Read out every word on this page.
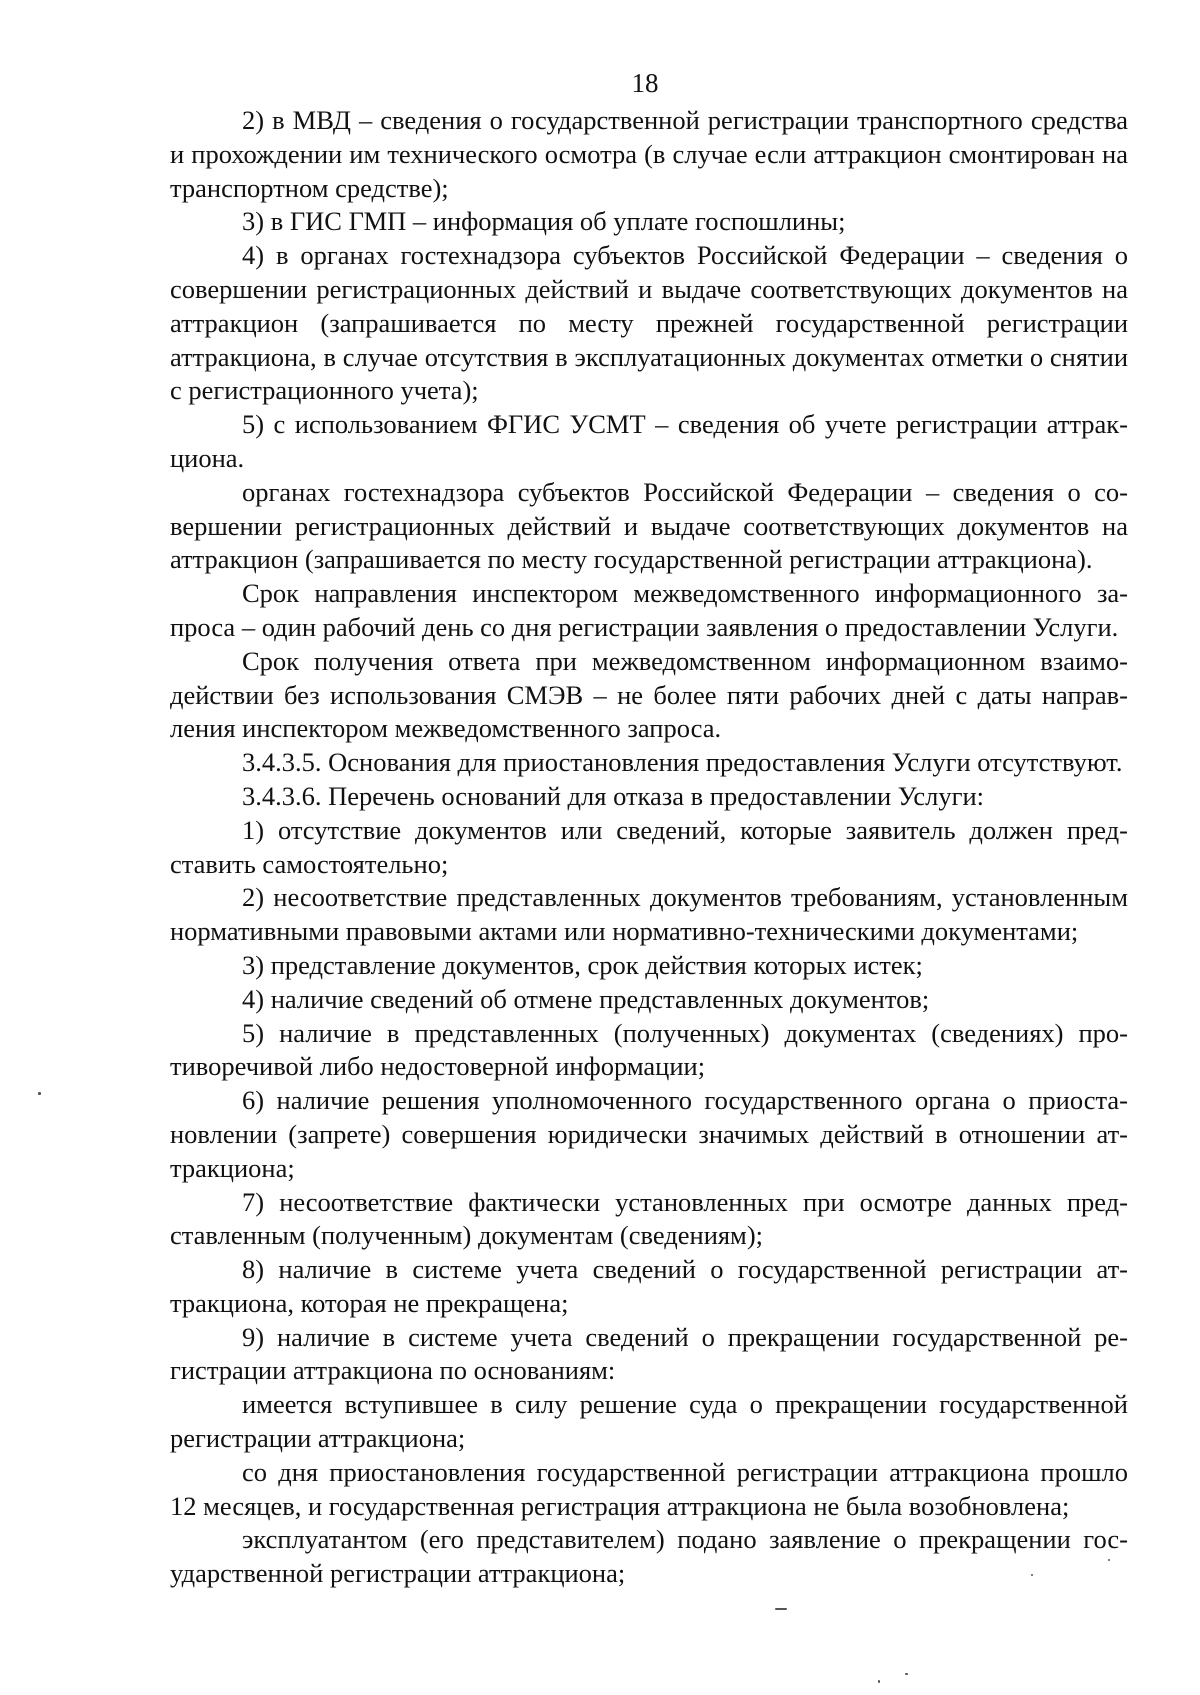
18

2) в МВД – сведения о государственной регистрации транспортного средства и прохождении им технического осмотра (в случае если аттракцион смонтирован на транспортном средстве);

3) в ГИС ГМП – информация об уплате госпошлины;

4) в органах гостехнадзора субъектов Российской Федерации – сведения о совершении регистрационных действий и выдаче соответствующих документов на аттракцион (запрашивается по месту прежней государственной регистрации аттракциона, в случае отсутствия в эксплуатационных документах отметки о снятии с регистрационного учета);

5) с использованием ФГИС УСМТ – сведения об учете регистрации аттракциона.

органах гостехнадзора субъектов Российской Федерации – сведения о совершении регистрационных действий и выдаче соответствующих документов на аттракцион (запрашивается по месту государственной регистрации аттракциона).

Срок направления инспектором межведомственного информационного запроса – один рабочий день со дня регистрации заявления о предоставлении Услуги.

Срок получения ответа при межведомственном информационном взаимодействии без использования СМЭВ – не более пяти рабочих дней с даты направления инспектором межведомственного запроса.

3.4.3.5. Основания для приостановления предоставления Услуги отсутствуют.

3.4.3.6. Перечень оснований для отказа в предоставлении Услуги:

1) отсутствие документов или сведений, которые заявитель должен представить самостоятельно;

2) несоответствие представленных документов требованиям, установленным нормативными правовыми актами или нормативно-техническими документами;

3) представление документов, срок действия которых истек;

4) наличие сведений об отмене представленных документов;

5) наличие в представленных (полученных) документах (сведениях) противоречивой либо недостоверной информации;

6) наличие решения уполномоченного государственного органа о приостановлении (запрете) совершения юридически значимых действий в отношении аттракциона;

7) несоответствие фактически установленных при осмотре данных представленным (полученным) документам (сведениям);

8) наличие в системе учета сведений о государственной регистрации аттракциона, которая не прекращена;

9) наличие в системе учета сведений о прекращении государственной регистрации аттракциона по основаниям:

имеется вступившее в силу решение суда о прекращении государственной регистрации аттракциона;

со дня приостановления государственной регистрации аттракциона прошло 12 месяцев, и государственная регистрация аттракциона не была возобновлена;

эксплуатантом (его представителем) подано заявление о прекращении государственной регистрации аттракциона;
